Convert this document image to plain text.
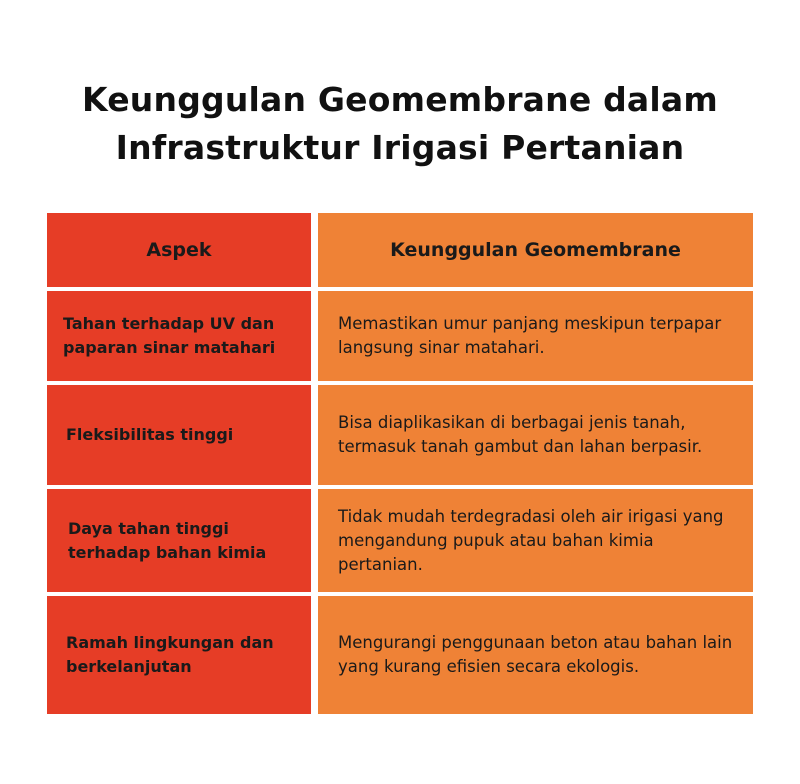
Keunggulan Geomembrane dalam
Infrastruktur Irigasi Pertanian
Aspek	Keunggulan Geomembrane
Tahan terhadap UV dan paparan sinar matahari
Memastikan umur panjang meskipun terpapar langsung sinar matahari.
Fleksibilitas tinggi
Bisa diaplikasikan di berbagai jenis tanah, termasuk tanah gambut dan lahan berpasir.
Daya tahan tinggi terhadap bahan kimia
Tidak mudah terdegradasi oleh air irigasi yang mengandung pupuk atau bahan kimia pertanian.
Ramah lingkungan dan berkelanjutan
Mengurangi penggunaan beton atau bahan lain yang kurang efisien secara ekologis.
